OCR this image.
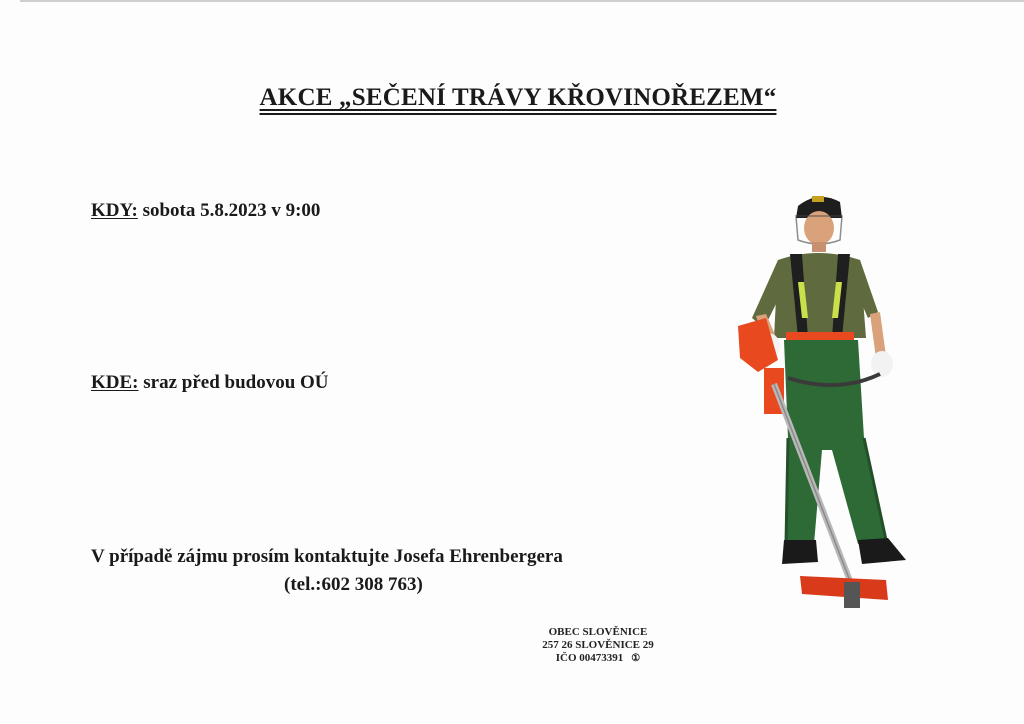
AKCE „SEČENÍ TRÁVY KŘOVINOŘEZEM“
KDY: sobota 5.8.2023 v 9:00
KDE: sraz před budovou OÚ
V případě zájmu prosím kontaktujte Josefa Ehrenbergera
(tel.:602 308 763)
OBEC SLOVĚNICE
257 26 SLOVĚNICE 29
IČO 00473391 ①
